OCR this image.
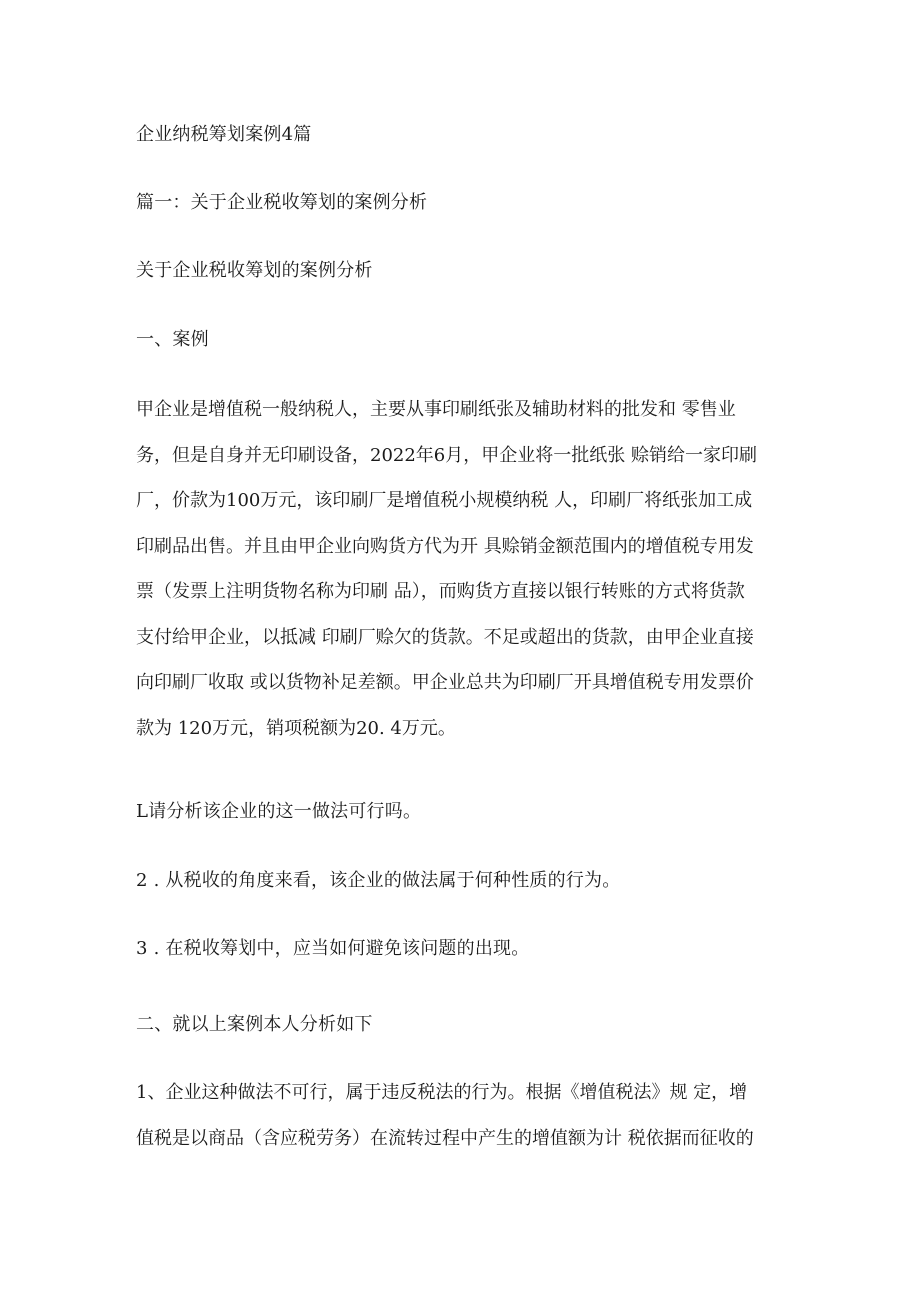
企业纳税筹划案例4篇
篇一：关于企业税收筹划的案例分析
关于企业税收筹划的案例分析
一、案例
甲企业是增值税一般纳税人，主要从事印刷纸张及辅助材料的批发和 零售业
务，但是自身并无印刷设备，2022年6月，甲企业将一批纸张 赊销给一家印刷
厂，价款为100万元，该印刷厂是增值税小规模纳税 人，印刷厂将纸张加工成
印刷品出售。并且由甲企业向购货方代为开 具赊销金额范围内的增值税专用发
票（发票上注明货物名称为印刷 品），而购货方直接以银行转账的方式将货款
支付给甲企业，以抵减 印刷厂赊欠的货款。不足或超出的货款，由甲企业直接
向印刷厂收取 或以货物补足差额。甲企业总共为印刷厂开具增值税专用发票价
款为 120万元，销项税额为20. 4万元。
L请分析该企业的这一做法可行吗。
2 . 从税收的角度来看，该企业的做法属于何种性质的行为。
3 . 在税收筹划中，应当如何避免该问题的出现。
二、就以上案例本人分析如下
1、企业这种做法不可行，属于违反税法的行为。根据《增值税法》规 定，增
值税是以商品（含应税劳务）在流转过程中产生的增值额为计 税依据而征收的
